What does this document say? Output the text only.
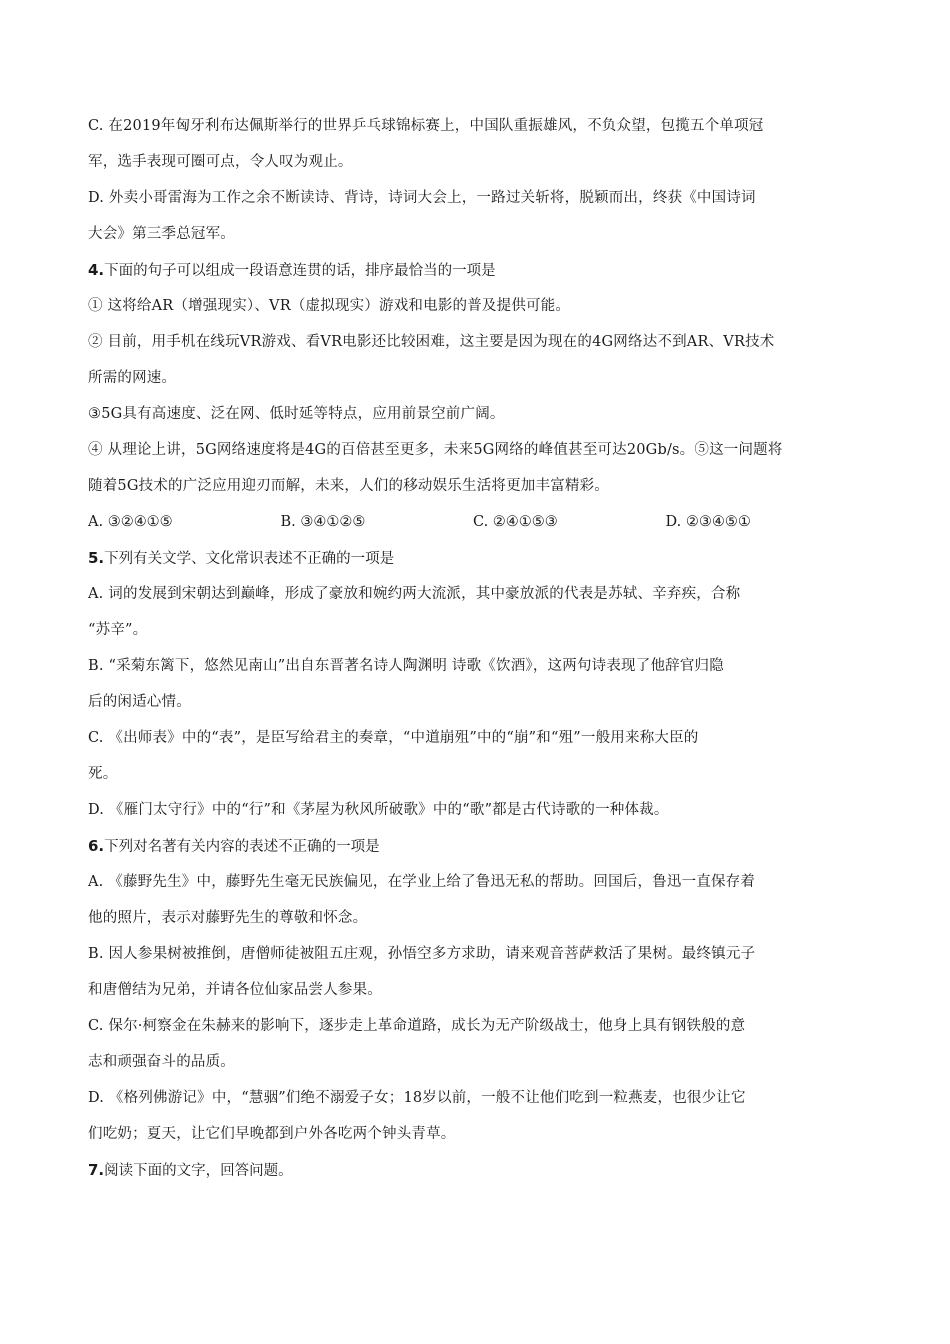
C. 在2019年匈牙利布达佩斯举行的世界乒乓球锦标赛上，中国队重振雄风，不负众望，包揽五个单项冠
军，选手表现可圈可点，令人叹为观止。
D. 外卖小哥雷海为工作之余不断读诗、背诗，诗词大会上，一路过关斩将，脱颖而出，终获《中国诗词
大会》第三季总冠军。
4.下面的句子可以组成一段语意连贯的话，排序最恰当的一项是
① 这将给AR（增强现实）、VR（虚拟现实）游戏和电影的普及提供可能。
② 目前，用手机在线玩VR游戏、看VR电影还比较困难，这主要是因为现在的4G网络达不到AR、VR技术
所需的网速。
③5G具有高速度、泛在网、低时延等特点，应用前景空前广阔。
④ 从理论上讲，5G网络速度将是4G的百倍甚至更多，未来5G网络的峰值甚至可达20Gb/s。⑤这一问题将
随着5G技术的广泛应用迎刃而解，未来，人们的移动娱乐生活将更加丰富精彩。
A. ③②④①⑤	B. ③④①②⑤	C. ②④①⑤③	D. ②③④⑤①
5.下列有关文学、文化常识表述不正确的一项是
A. 词的发展到宋朝达到巅峰，形成了豪放和婉约两大流派，其中豪放派的代表是苏轼、辛弃疾，合称
“苏辛”。
B. “采菊东篱下，悠然见南山”出自东晋著名诗人陶渊明 诗歌《饮酒》，这两句诗表现了他辞官归隐
后的闲适心情。
C. 《出师表》中的“表”，是臣写给君主的奏章，“中道崩殂”中的“崩”和“殂”一般用来称大臣的
死。
D. 《雁门太守行》中的“行”和《茅屋为秋风所破歌》中的“歌”都是古代诗歌的一种体裁。
6.下列对名著有关内容的表述不正确的一项是
A. 《藤野先生》中，藤野先生毫无民族偏见，在学业上给了鲁迅无私的帮助。回国后，鲁迅一直保存着
他的照片，表示对藤野先生的尊敬和怀念。
B. 因人参果树被推倒，唐僧师徒被阻五庄观，孙悟空多方求助，请来观音菩萨救活了果树。最终镇元子
和唐僧结为兄弟，并请各位仙家品尝人参果。
C. 保尔·柯察金在朱赫来的影响下，逐步走上革命道路，成长为无产阶级战士，他身上具有钢铁般的意
志和顽强奋斗的品质。
D. 《格列佛游记》中，“慧骃”们绝不溺爱子女；18岁以前，一般不让他们吃到一粒燕麦，也很少让它
们吃奶；夏天，让它们早晚都到户外各吃两个钟头青草。
7.阅读下面的文字，回答问题。
